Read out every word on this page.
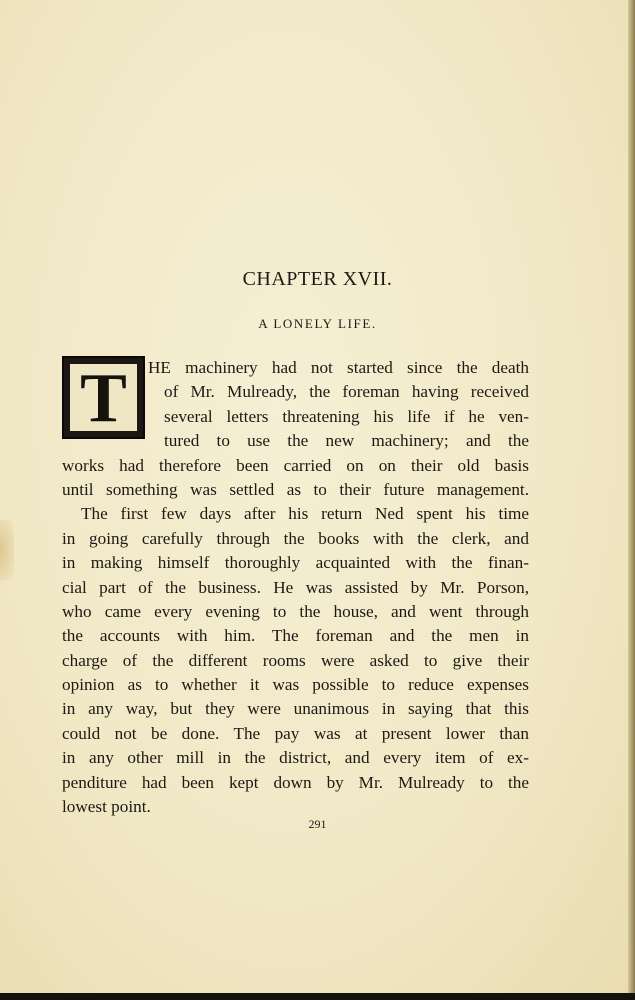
CHAPTER XVII.
A LONELY LIFE.
T	HE machinery had not started since the death
of Mr. Mulready, the foreman having received
several letters threatening his life if he ven-
tured to use the new machinery; and the
works had therefore been carried on on their old basis
until something was settled as to their future management.
The first few days after his return Ned spent his time
in going carefully through the books with the clerk, and
in making himself thoroughly acquainted with the finan-
cial part of the business. He was assisted by Mr. Porson,
who came every evening to the house, and went through
the accounts with him. The foreman and the men in
charge of the different rooms were asked to give their
opinion as to whether it was possible to reduce expenses
in any way, but they were unanimous in saying that this
could not be done. The pay was at present lower than
in any other mill in the district, and every item of ex-
penditure had been kept down by Mr. Mulready to the
lowest point.
291
